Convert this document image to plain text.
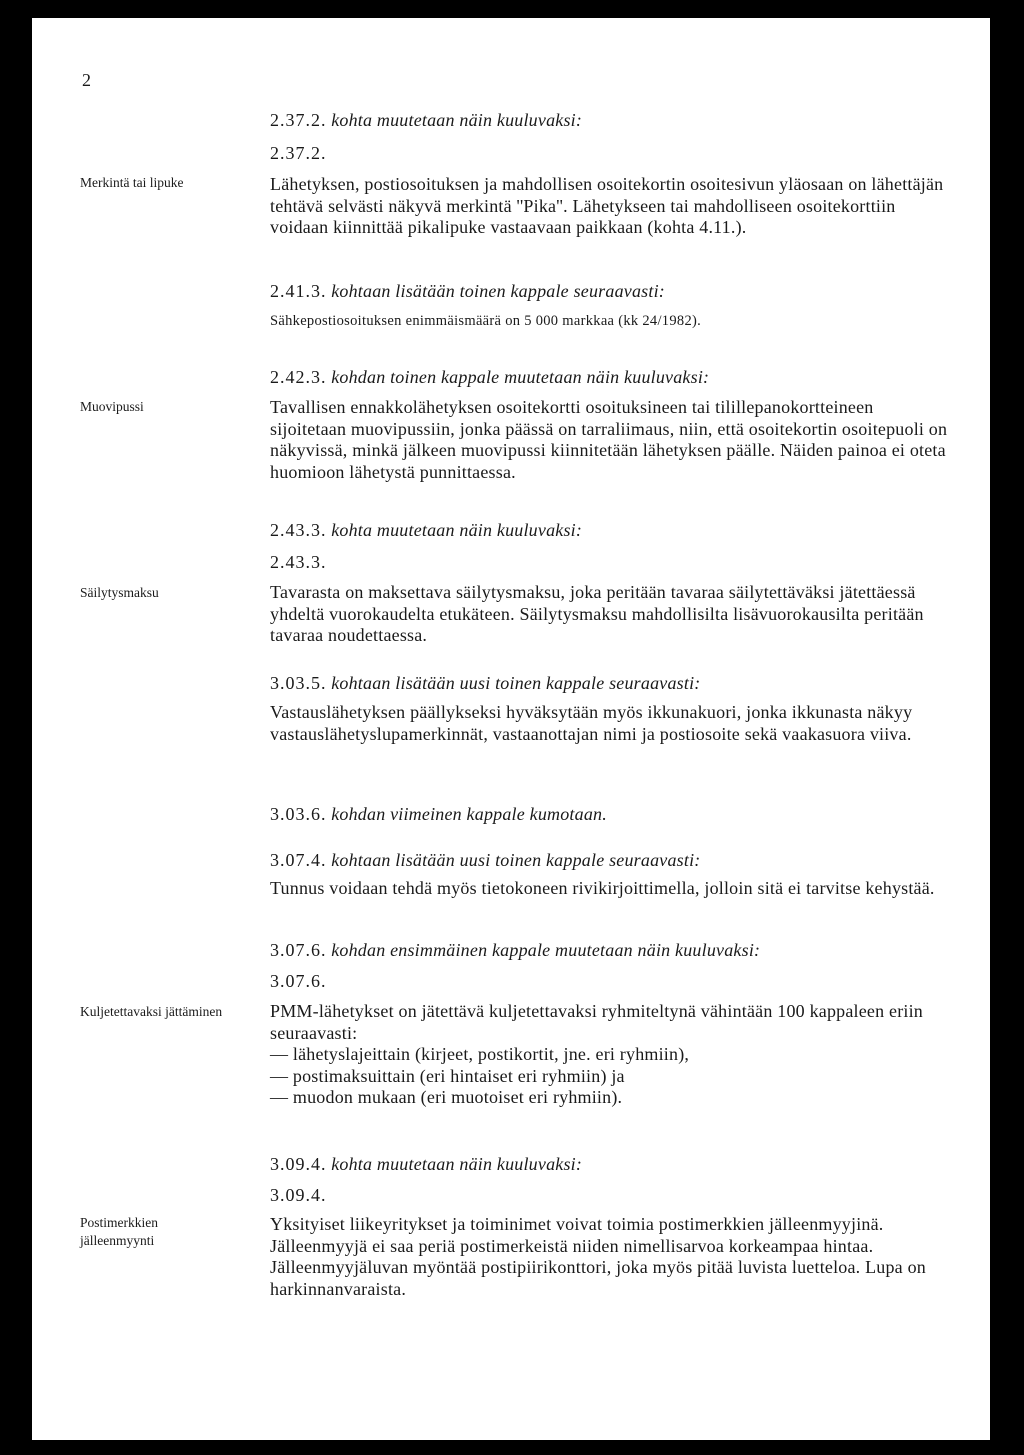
2
2.37.2. kohta muutetaan näin kuuluvaksi:
2.37.2.
Merkintä tai lipuke	Lähetyksen, postiosoituksen ja mahdollisen osoitekortin osoitesivun yläosaan on lähettäjän tehtävä selvästi näkyvä merkintä ''Pika''. Lähetykseen tai mahdolliseen osoitekorttiin voidaan kiinnittää pikalipuke vastaavaan paikkaan (kohta 4.11.).
2.41.3. kohtaan lisätään toinen kappale seuraavasti:
Sähkepostiosoituksen enimmäismäärä on 5 000 markkaa (kk 24/1982).
2.42.3. kohdan toinen kappale muutetaan näin kuuluvaksi:
Muovipussi	Tavallisen ennakkolähetyksen osoitekortti osoituksineen tai tilillepanokortteineen sijoitetaan muovipussiin, jonka päässä on tarraliimaus, niin, että osoitekortin osoitepuoli on näkyvissä, minkä jälkeen muovipussi kiinnitetään lähetyksen päälle. Näiden painoa ei oteta huomioon lähetystä punnittaessa.
2.43.3. kohta muutetaan näin kuuluvaksi:
2.43.3.
Säilytysmaksu	Tavarasta on maksettava säilytysmaksu, joka peritään tavaraa säilytettäväksi jätettäessä yhdeltä vuorokaudelta etukäteen. Säilytysmaksu mahdollisilta lisävuorokausilta peritään tavaraa noudettaessa.
3.03.5. kohtaan lisätään uusi toinen kappale seuraavasti:
Vastauslähetyksen päällykseksi hyväksytään myös ikkunakuori, jonka ikkunasta näkyy vastauslähetyslupamerkinnät, vastaanottajan nimi ja postiosoite sekä vaakasuora viiva.
3.03.6. kohdan viimeinen kappale kumotaan.
3.07.4. kohtaan lisätään uusi toinen kappale seuraavasti:
Tunnus voidaan tehdä myös tietokoneen rivikirjoittimella, jolloin sitä ei tarvitse kehystää.
3.07.6. kohdan ensimmäinen kappale muutetaan näin kuuluvaksi:
3.07.6.
Kuljetettavaksi jättäminen	PMM-lähetykset on jätettävä kuljetettavaksi ryhmiteltynä vähintään 100 kappaleen eriin seuraavasti:
— lähetyslajeittain (kirjeet, postikortit, jne. eri ryhmiin),
— postimaksuittain (eri hintaiset eri ryhmiin) ja
— muodon mukaan (eri muotoiset eri ryhmiin).
3.09.4. kohta muutetaan näin kuuluvaksi:
3.09.4.
Postimerkkien jälleenmyynti
Yksityiset liikeyritykset ja toiminimet voivat toimia postimerkkien jälleenmyyjinä. Jälleenmyyjä ei saa periä postimerkeistä niiden nimellisarvoa korkeampaa hintaa. Jälleenmyyjäluvan myöntää postipiirikonttori, joka myös pitää luvista luetteloa. Lupa on harkinnanvaraista.
